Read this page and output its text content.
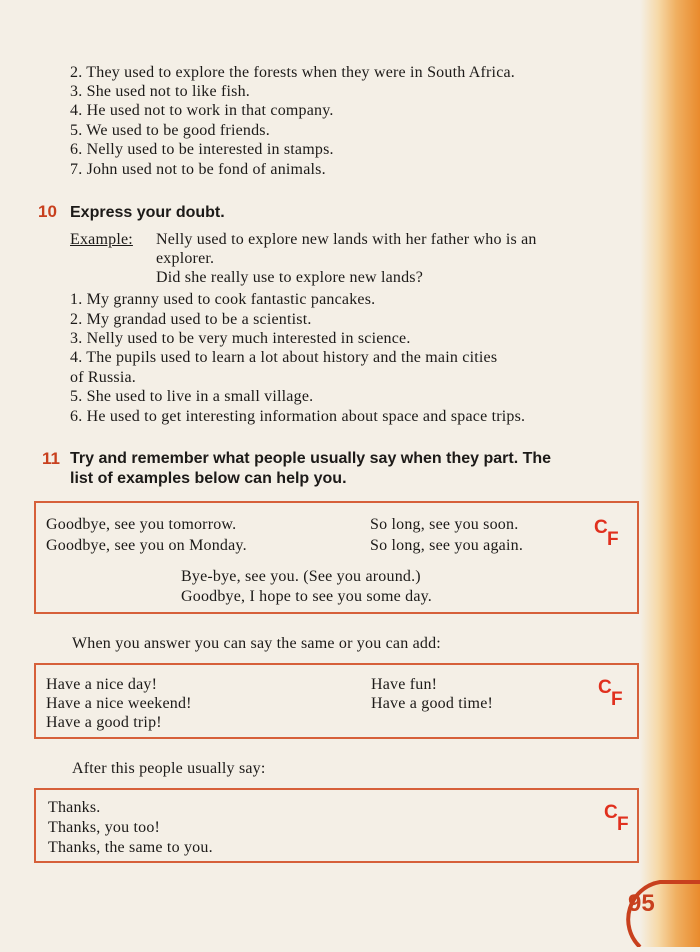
2. They used to explore the forests when they were in South Africa.
3. She used not to like fish.
4. He used not to work in that company.
5. We used to be good friends.
6. Nelly used to be interested in stamps.
7. John used not to be fond of animals.
10 Express your doubt.
Example: Nelly used to explore new lands with her father who is an
explorer.
Did she really use to explore new lands?
1. My granny used to cook fantastic pancakes.
2. My grandad used to be a scientist.
3. Nelly used to be very much interested in science.
4. The pupils used to learn a lot about history and the main cities
of Russia.
5. She used to live in a small village.
6. He used to get interesting information about space and space trips.
11 Try and remember what people usually say when they part. The
list of examples below can help you.
Goodbye, see you tomorrow.
Goodbye, see you on Monday.
So long, see you soon.
So long, see you again.
Bye-bye, see you. (See you around.)
Goodbye, I hope to see you some day.
C
F
When you answer you can say the same or you can add:
Have a nice day!
Have a nice weekend!
Have a good trip!
Have fun!
Have a good time!
C
F
After this people usually say:
Thanks.
Thanks, you too!
Thanks, the same to you.
C
F
95
